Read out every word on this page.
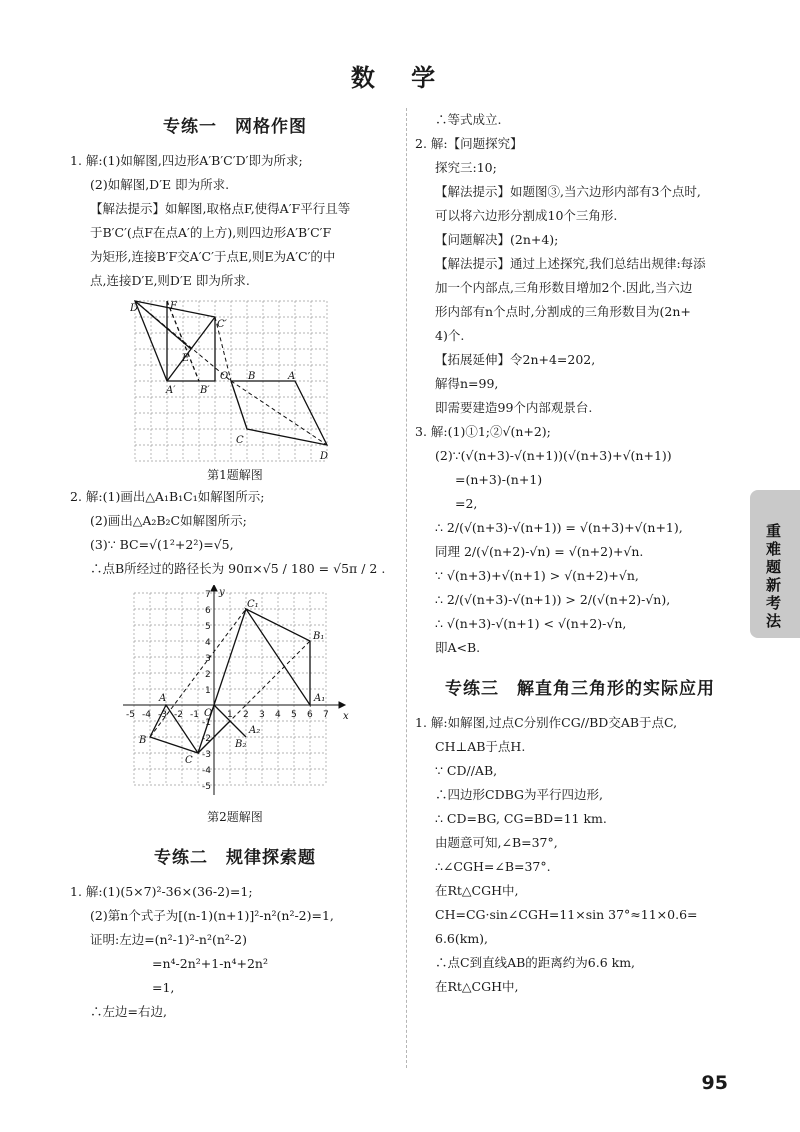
数 学
专练一　网格作图
1. 解:(1)如解图,四边形A′B′C′D′即为所求;
(2)如解图,D′E 即为所求.
【解法提示】如解图,取格点F,使得A′F平行且等
于B′C′(点F在点A′的上方),则四边形A′B′C′F
为矩形,连接B′F交A′C′于点E,则E为A′C′的中
点,连接D′E,则D′E 即为所求.
D′	F
C′
E
A′ B′
O B	A
C
D
第1题解图
2. 解:(1)画出△A₁B₁C₁如解图所示;
(2)画出△A₂B₂C如解图所示;
(3)∵ BC=√(1²+2²)=√5,
∴点B所经过的路径长为 90π×√5 / 180 = √5π / 2 .
y
x
O
C₁
B₁
A₁
A
B
C
A₂
B₂
-5 -4 -3 -2 -1	1 2 3 4 5 6 7
7
6
5
4
3
2
1
-1
-2
-3
-4
-5
第2题解图
专练二　规律探索题
1. 解:(1)(5×7)²-36×(36-2)=1;
(2)第n个式子为[(n-1)(n+1)]²-n²(n²-2)=1,
证明:左边=(n²-1)²-n²(n²-2)
=n⁴-2n²+1-n⁴+2n²
=1,
∴左边=右边,
∴等式成立.
2. 解:【问题探究】
探究三:10;
【解法提示】如题图③,当六边形内部有3个点时,
可以将六边形分割成10个三角形.
【问题解决】(2n+4);
【解法提示】通过上述探究,我们总结出规律:每添
加一个内部点,三角形数目增加2个.因此,当六边
形内部有n个点时,分割成的三角形数目为(2n+
4)个.
【拓展延伸】令2n+4=202,
解得n=99,
即需要建造99个内部观景台.
3. 解:(1)①1;②√(n+2);
(2)∵(√(n+3)-√(n+1))(√(n+3)+√(n+1))
=(n+3)-(n+1)
=2,
∴ 2/(√(n+3)-√(n+1)) = √(n+3)+√(n+1),
同理 2/(√(n+2)-√n) = √(n+2)+√n.
∵ √(n+3)+√(n+1) > √(n+2)+√n,
∴ 2/(√(n+3)-√(n+1)) > 2/(√(n+2)-√n),
∴ √(n+3)-√(n+1) < √(n+2)-√n,
即A<B.
专练三　解直角三角形的实际应用
1. 解:如解图,过点C分别作CG//BD交AB于点C,
CH⊥AB于点H.
∵ CD//AB,
∴四边形CDBG为平行四边形,
∴ CD=BG, CG=BD=11 km.
由题意可知,∠B=37°,
∴∠CGH=∠B=37°.
在Rt△CGH中,
CH=CG·sin∠CGH=11×sin 37°≈11×0.6=
6.6(km),
∴点C到直线AB的距离约为6.6 km,
在Rt△CGH中,
重难题新考法
95
